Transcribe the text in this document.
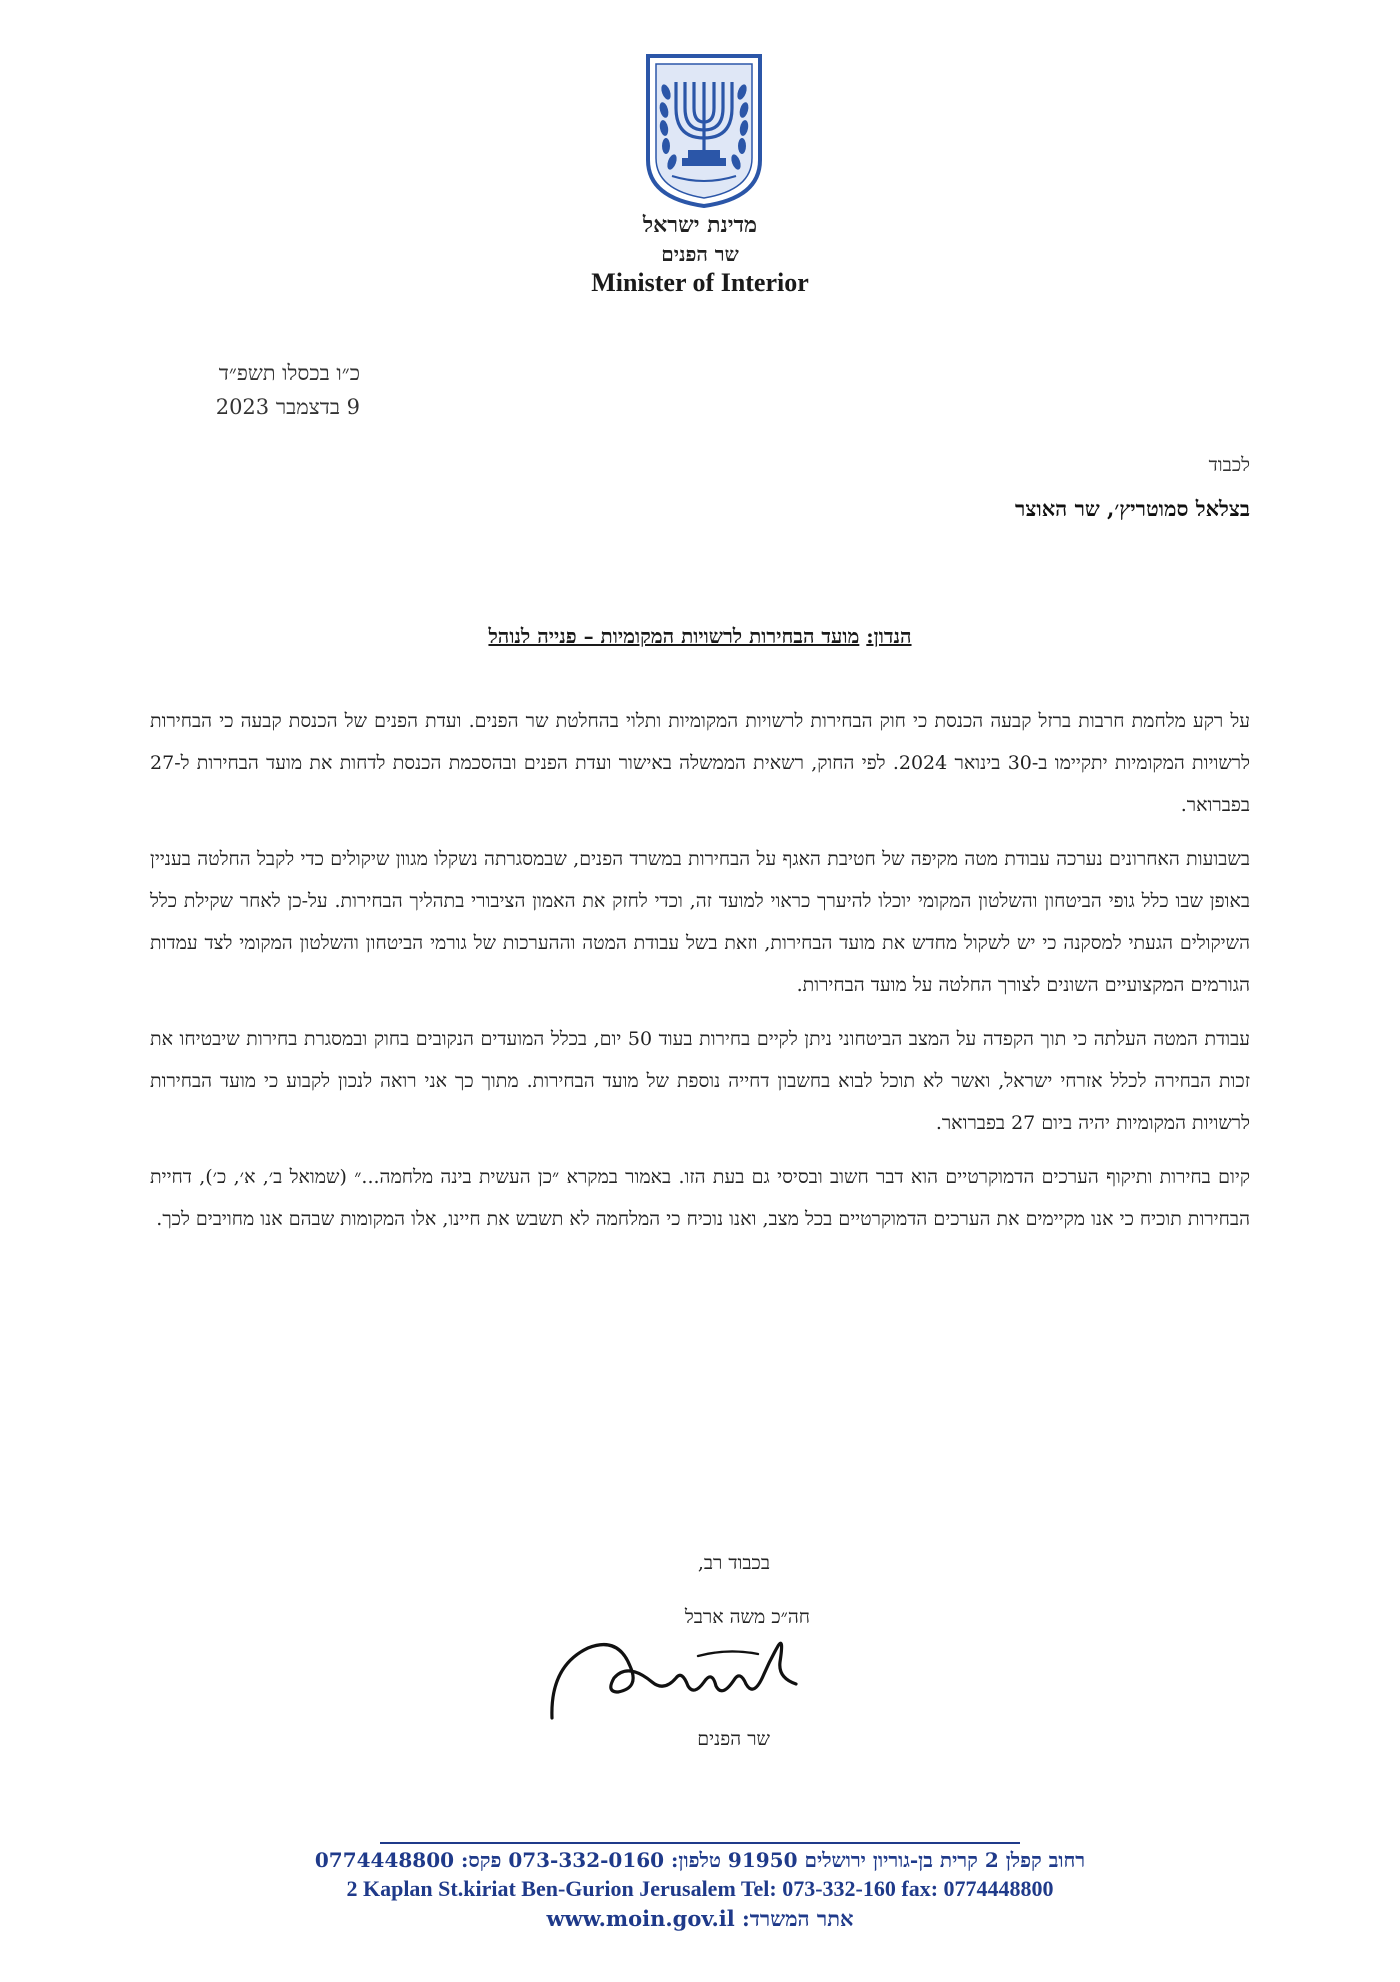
מדינת ישראל
שר הפנים
Minister of Interior
כ״ו בכסלו תשפ״ד
9 בדצמבר 2023
לכבוד
בצלאל סמוטריץ׳, שר האוצר
הנדון: מועד הבחירות לרשויות המקומיות – פנייה לנוהל

על רקע מלחמת חרבות ברזל קבעה הכנסת כי חוק הבחירות לרשויות המקומיות ותלוי בהחלטת שר הפנים. ועדת הפנים של הכנסת קבעה כי הבחירות לרשויות המקומיות יתקיימו ב-30 בינואר 2024. לפי החוק, רשאית הממשלה באישור ועדת הפנים ובהסכמת הכנסת לדחות את מועד הבחירות ל-27 בפברואר.

בשבועות האחרונים נערכה עבודת מטה מקיפה של חטיבת האגף על הבחירות במשרד הפנים, שבמסגרתה נשקלו מגוון שיקולים כדי לקבל החלטה בעניין באופן שבו כלל גופי הביטחון והשלטון המקומי יוכלו להיערך כראוי למועד זה, וכדי לחזק את האמון הציבורי בתהליך הבחירות. על-כן לאחר שקילת כלל השיקולים הגעתי למסקנה כי יש לשקול מחדש את מועד הבחירות, וזאת בשל עבודת המטה וההערכות של גורמי הביטחון והשלטון המקומי לצד עמדות הגורמים המקצועיים השונים לצורך החלטה על מועד הבחירות.

עבודת המטה העלתה כי תוך הקפדה על המצב הביטחוני ניתן לקיים בחירות בעוד 50 יום, בכלל המועדים הנקובים בחוק ובמסגרת בחירות שיבטיחו את זכות הבחירה לכלל אזרחי ישראל, ואשר לא תוכל לבוא בחשבון דחייה נוספת של מועד הבחירות. מתוך כך אני רואה לנכון לקבוע כי מועד הבחירות לרשויות המקומיות יהיה ביום 27 בפברואר.

קיום בחירות ותיקוף הערכים הדמוקרטיים הוא דבר חשוב ובסיסי גם בעת הזו. באמור במקרא ״כן העשית בינה מלחמה...״ (שמואל ב׳, א׳, כ׳), דחיית הבחירות תוכיח כי אנו מקיימים את הערכים הדמוקרטיים בכל מצב, ואנו נוכיח כי המלחמה לא תשבש את חיינו, אלו המקומות שבהם אנו מחויבים לכך.

בכבוד רב,
חה״כ משה ארבל
שר הפנים
רחוב קפלן 2 קרית בן-גוריון ירושלים 91950 טלפון: 073-332-0160 פקס: 0774448800
2 Kaplan St.kiriat Ben-Gurion Jerusalem Tel: 073-332-160 fax: 0774448800
אתר המשרד: www.moin.gov.il
